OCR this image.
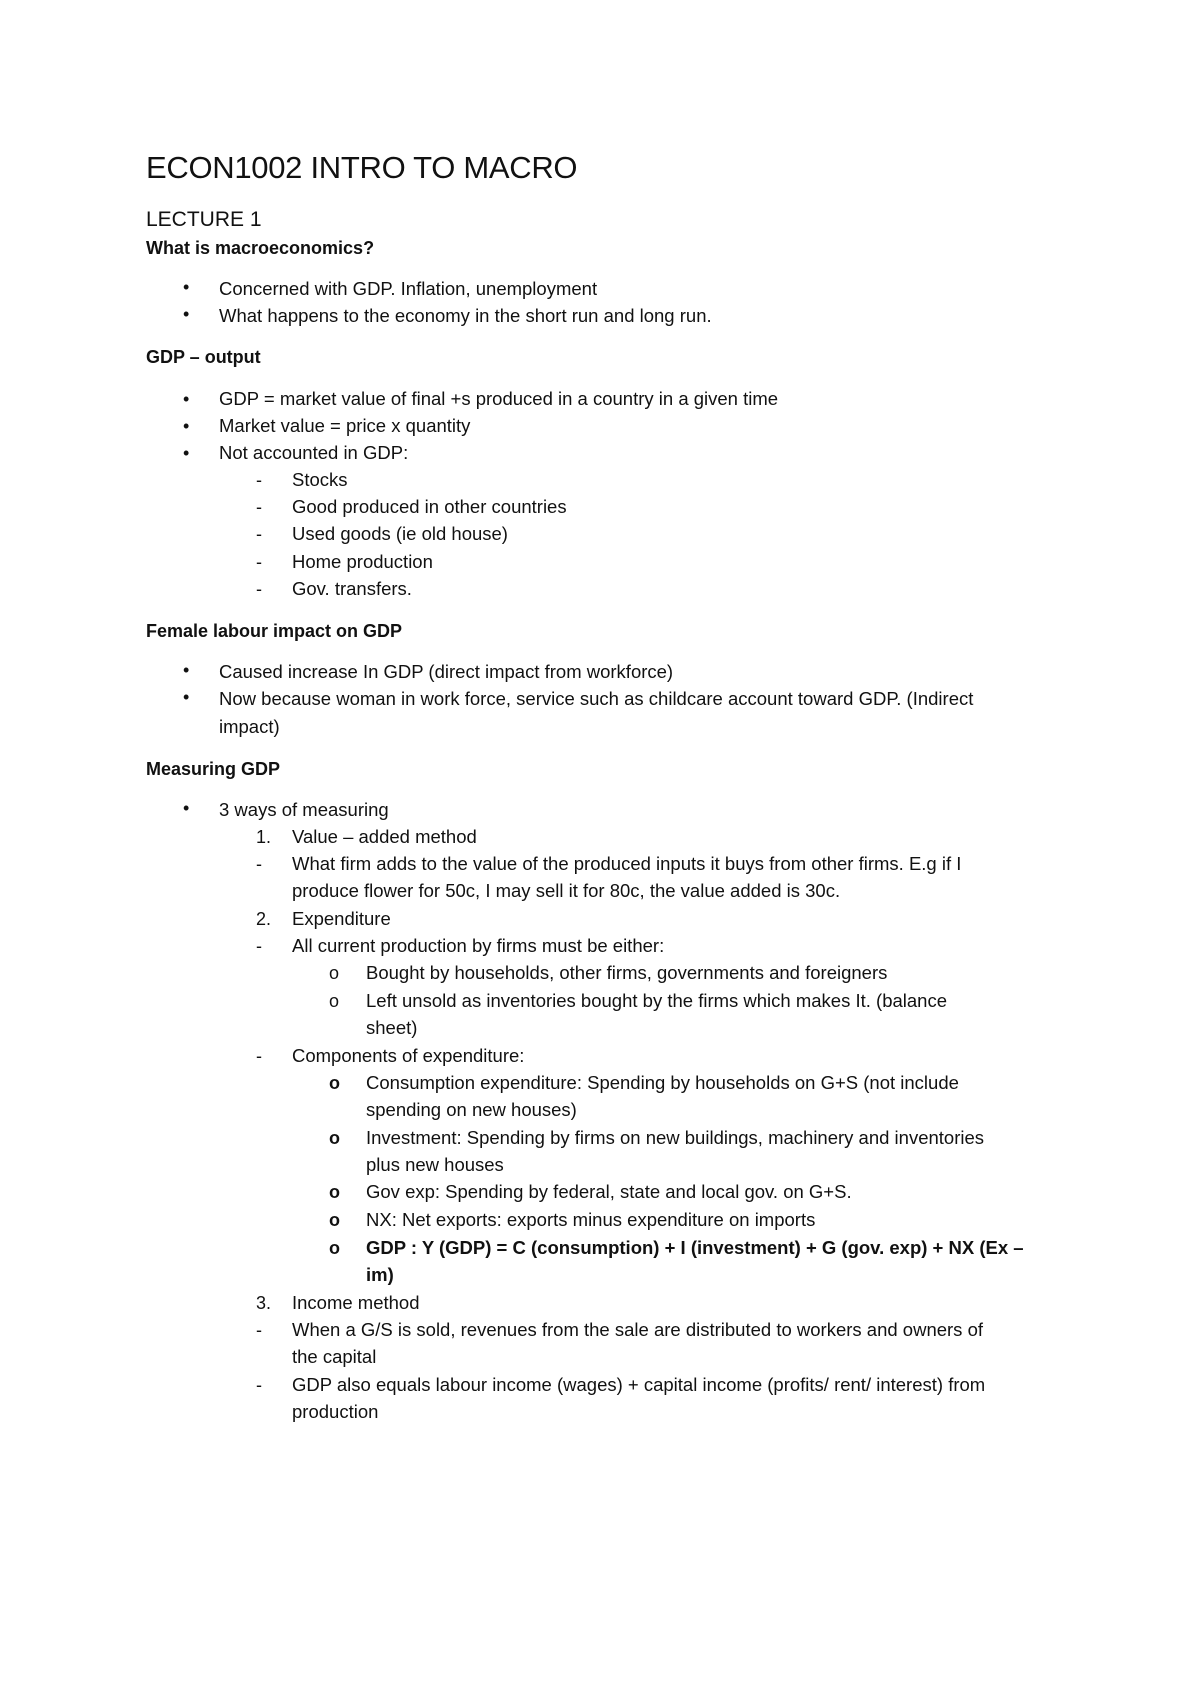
ECON1002 INTRO TO MACRO
LECTURE 1

What is macroeconomics?

•	Concerned with GDP. Inflation, unemployment

•	What happens to the economy in the short run and long run.

GDP – output

•	GDP = market value of final +s produced in a country in a given time

•	Market value = price x quantity

•	Not accounted in GDP:

-	Stocks

-	Good produced in other countries

-	Used goods (ie old house)

-	Home production

-	Gov. transfers.

Female labour impact on GDP

•	Caused increase In GDP (direct impact from workforce)

•	Now because woman in work force, service such as childcare account toward GDP. (Indirect

impact)

Measuring GDP

•	3 ways of measuring

1.	Value – added method

-	What firm adds to the value of the produced inputs it buys from other firms. E.g if I

produce flower for 50c, I may sell it for 80c, the value added is 30c.

2.	Expenditure

-	All current production by firms must be either:

o	Bought by households, other firms, governments and foreigners

o	Left unsold as inventories bought by the firms which makes It. (balance

sheet)

-	Components of expenditure:

o	Consumption expenditure: Spending by households on G+S (not include

spending on new houses)

o	Investment: Spending by firms on new buildings, machinery and inventories

plus new houses

o	Gov exp: Spending by federal, state and local gov. on G+S.

o	NX: Net exports: exports minus expenditure on imports

o	GDP : Y (GDP) = C (consumption) + I (investment) + G (gov. exp) + NX (Ex –

im)

3.	Income method

-	When a G/S is sold, revenues from the sale are distributed to workers and owners of

the capital

-	GDP also equals labour income (wages) + capital income (profits/ rent/ interest) from

production
